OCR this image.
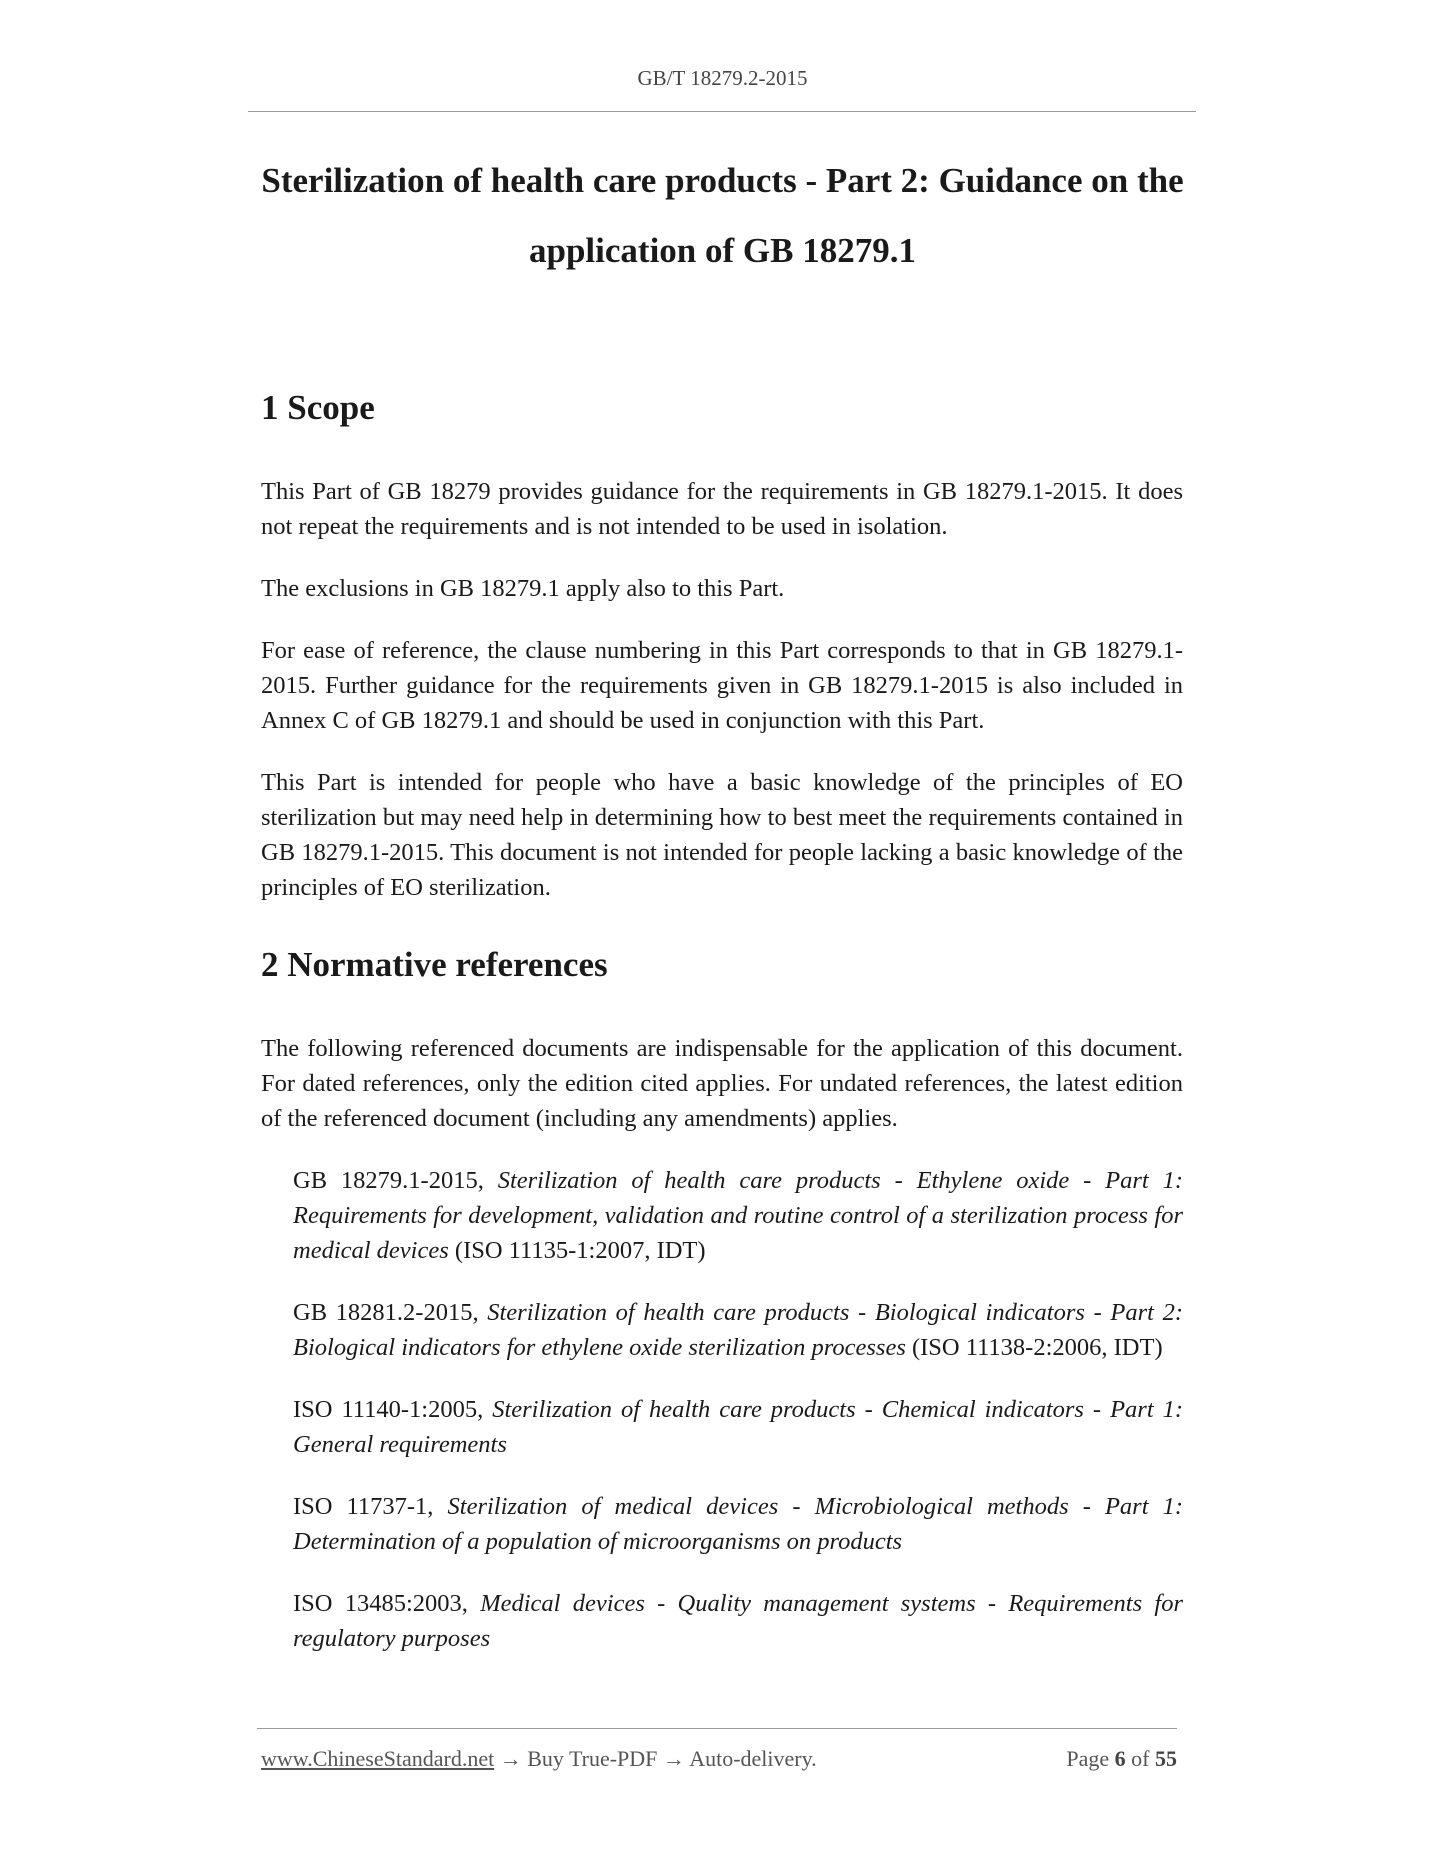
GB/T 18279.2-2015
Sterilization of health care products - Part 2: Guidance on the application of GB 18279.1
1 Scope

This Part of GB 18279 provides guidance for the requirements in GB 18279.1-2015. It does not repeat the requirements and is not intended to be used in isolation.

The exclusions in GB 18279.1 apply also to this Part.

For ease of reference, the clause numbering in this Part corresponds to that in GB 18279.1-2015. Further guidance for the requirements given in GB 18279.1-2015 is also included in Annex C of GB 18279.1 and should be used in conjunction with this Part.

This Part is intended for people who have a basic knowledge of the principles of EO sterilization but may need help in determining how to best meet the requirements contained in GB 18279.1-2015. This document is not intended for people lacking a basic knowledge of the principles of EO sterilization.

2 Normative references

The following referenced documents are indispensable for the application of this document. For dated references, only the edition cited applies. For undated references, the latest edition of the referenced document (including any amendments) applies.

GB 18279.1-2015, Sterilization of health care products - Ethylene oxide - Part 1: Requirements for development, validation and routine control of a sterilization process for medical devices (ISO 11135-1:2007, IDT)
GB 18281.2-2015, Sterilization of health care products - Biological indicators - Part 2: Biological indicators for ethylene oxide sterilization processes (ISO 11138-2:2006, IDT)
ISO 11140-1:2005, Sterilization of health care products - Chemical indicators - Part 1: General requirements
ISO 11737-1, Sterilization of medical devices - Microbiological methods - Part 1: Determination of a population of microorganisms on products
ISO 13485:2003, Medical devices - Quality management systems - Requirements for regulatory purposes
www.ChineseStandard.net → Buy True-PDF → Auto-delivery.	Page 6 of 55
